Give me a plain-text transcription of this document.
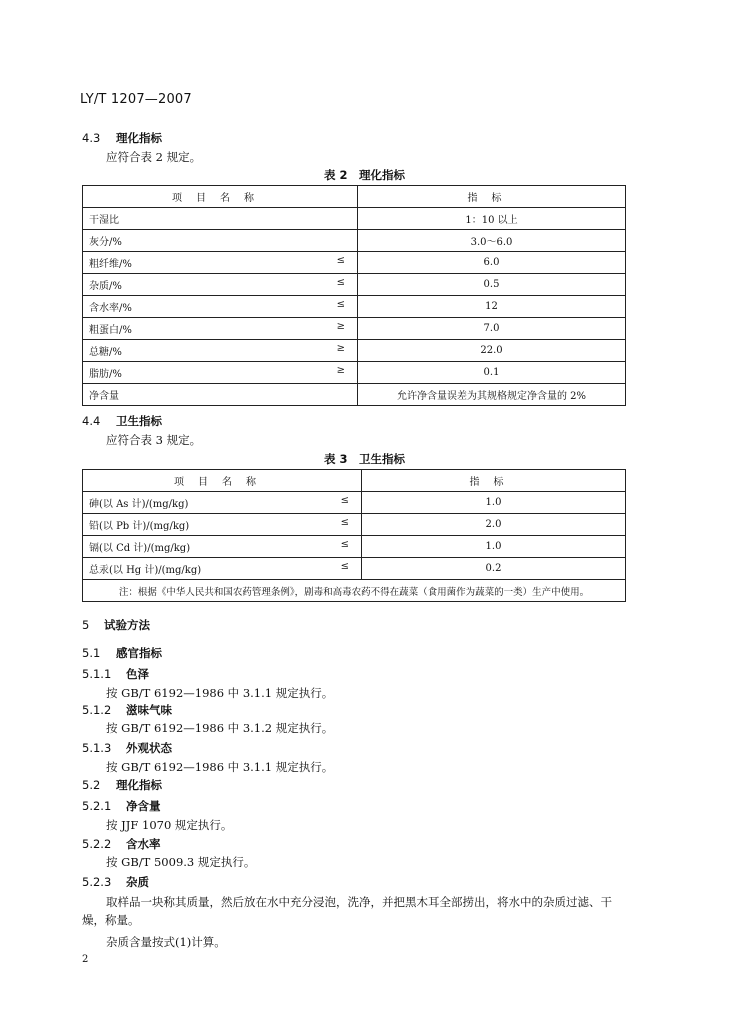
LY/T 1207—2007
4.3 理化指标
应符合表 2 规定。
表 2　理化指标
项目名称	指标
干湿比	1：10 以上
灰分/%	3.0～6.0
粗纤维/% ≤	6.0
杂质/% ≤	0.5
含水率/% ≤	12
粗蛋白/% ≥	7.0
总糖/% ≥	22.0
脂肪/% ≥	0.1
净含量	允许净含量误差为其规格规定净含量的 2%
4.4 卫生指标
应符合表 3 规定。
表 3　卫生指标
项目名称	指标
砷(以 As 计)/(mg/kg) ≤	1.0
铅(以 Pb 计)/(mg/kg) ≤	2.0
镉(以 Cd 计)/(mg/kg) ≤	1.0
总汞(以 Hg 计)/(mg/kg) ≤	0.2
注：根据《中华人民共和国农药管理条例》，剧毒和高毒农药不得在蔬菜（食用菌作为蔬菜的一类）生产中使用。	
5 试验方法
5.1 感官指标
5.1.1 色泽
按 GB/T 6192—1986 中 3.1.1 规定执行。
5.1.2 滋味气味
按 GB/T 6192—1986 中 3.1.2 规定执行。
5.1.3 外观状态
按 GB/T 6192—1986 中 3.1.1 规定执行。
5.2 理化指标
5.2.1 净含量
按 JJF 1070 规定执行。
5.2.2 含水率
按 GB/T 5009.3 规定执行。
5.2.3 杂质
取样品一块称其质量，然后放在水中充分浸泡，洗净，并把黑木耳全部捞出，将水中的杂质过滤、干
燥，称量。
杂质含量按式(1)计算。
2
